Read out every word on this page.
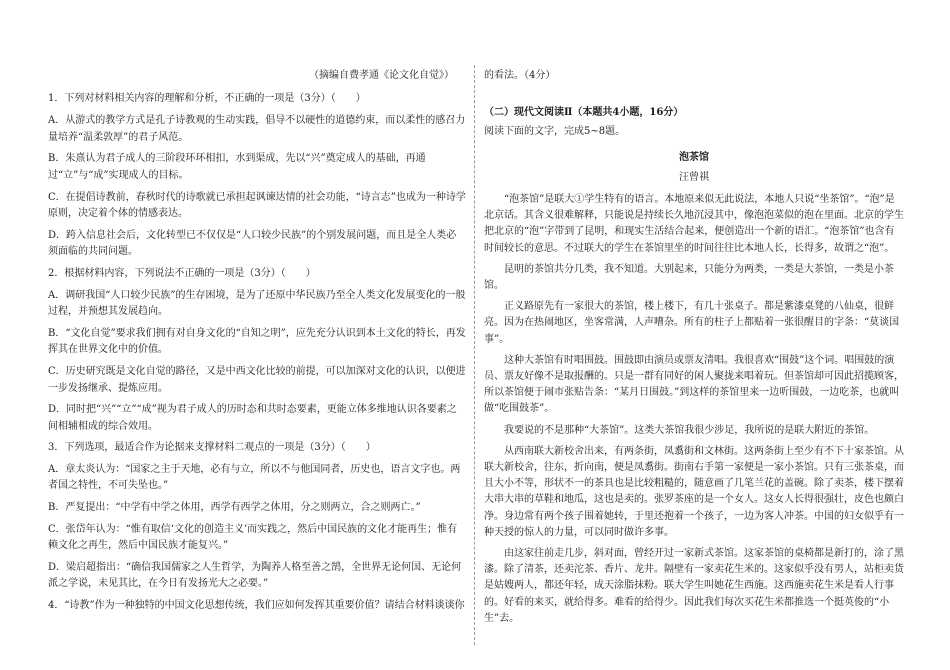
（摘编自费孝通《论文化自觉》）

1．下列对材料相关内容的理解和分析，不正确的一项是（3分）（　　）

A．从游式的教学方式是孔子诗教观的生动实践，倡导不以硬性的道德约束，而以柔性的感召力量培养“温柔敦厚”的君子风范。

B．朱熹认为君子成人的三阶段环环相扣，水到渠成，先以“兴”奠定成人的基础，再通过“立”与“成”实现成人的目标。

C．在提倡诗教前，春秋时代的诗歌就已承担起讽谏达情的社会功能，“诗言志”也成为一种诗学原则，决定着个体的情感表达。

D．跨入信息社会后，文化转型已不仅仅是“人口较少民族”的个别发展问题，而且是全人类必须面临的共同问题。

2．根据材料内容，下列说法不正确的一项是（3分）（　　）

A．调研我国“人口较少民族”的生存困境，是为了还原中华民族乃至全人类文化发展变化的一般过程，并预想其发展趋向。

B．“文化自觉”要求我们拥有对自身文化的“自知之明”，应先充分认识到本土文化的特长，再发挥其在世界文化中的价值。

C．历史研究既是文化自觉的路径，又是中西文化比较的前提，可以加深对文化的认识，以便进一步发扬继承、提炼应用。

D．同时把“兴”“立”“成”视为君子成人的历时态和共时态要素，更能立体多维地认识各要素之间相辅相成的综合效用。

3．下列选项，最适合作为论据来支撑材料二观点的一项是（3分）（　　）

A．章太炎认为：“国家之主于天地，必有与立，所以不与他国同者，历史也，语言文字也。两者国之特性，不可失坠也。”

B．严复提出：“中学有中学之体用，西学有西学之体用，分之则两立，合之则两亡。”

C．张岱年认为：“惟有取信‘文化的创造主义’而实践之，然后中国民族的文化才能再生；惟有赖文化之再生，然后中国民族才能复兴。”

D．梁启超指出：“确信我国儒家之人生哲学，为陶养人格至善之鹄，全世界无论何国、无论何派之学说，未见其比，在今日有发扬光大之必要。”

4．“诗教”作为一种独特的中国文化思想传统，我们应如何发挥其重要价值？请结合材料谈谈你

的看法。（4分）

（二）现代文阅读Ⅱ（本题共4小题，16分）

阅读下面的文字，完成5~8题。

泡茶馆

汪曾祺

“泡茶馆”是联大①学生特有的语言。本地原来似无此说法，本地人只说“坐茶馆”。“泡”是北京话。其含义很难解释，只能说是持续长久地沉浸其中，像泡泡菜似的泡在里面。北京的学生把北京的“泡”字带到了昆明，和现实生活结合起来，便创造出一个新的语汇。“泡茶馆”也含有时间较长的意思。不过联大的学生在茶馆里坐的时间往往比本地人长，长得多，故谓之“泡”。

昆明的茶馆共分几类，我不知道。大别起来，只能分为两类，一类是大茶馆，一类是小茶馆。

正义路原先有一家很大的茶馆，楼上楼下，有几十张桌子。都是紫漆桌凳的八仙桌，很鲜亮。因为在热闹地区，坐客常满，人声嘈杂。所有的柱子上都贴着一张很醒目的字条：“莫谈国事”。

这种大茶馆有时唱围鼓。围鼓即由演员或票友清唱。我很喜欢“围鼓”这个词。唱围鼓的演员、票友好像不是取报酬的。只是一群有同好的闲人聚拢来唱着玩。但茶馆却可因此招揽顾客，所以茶馆便于闹市张贴告条：“某月日围鼓。”到这样的茶馆里来一边听围鼓，一边吃茶，也就叫做“吃围鼓茶”。

我要说的不是那种“大茶馆”。这类大茶馆我很少涉足，我所说的是联大附近的茶馆。

从西南联大新校舍出来，有两条街，凤翥街和文林街。这两条街上至少有不下十家茶馆。从联大新校舍，往东，折向南，便是凤翥街。街南右手第一家便是一家小茶馆。只有三张茶桌，而且大小不等，形状不一的茶具也是比较粗糙的，随意画了几笔兰花的盖碗。除了卖茶，楼下摆着大串大串的草鞋和地瓜，这也是卖的。张罗茶座的是一个女人。这女人长得很强壮，皮色也颇白净。身边常有两个孩子围着她转，于里还抱着一个孩子，一边为客人冲茶。中国的妇女似乎有一种天授的惊人的力量，可以同时做许多事。

由这家往前走几步，斜对面，曾经开过一家新式茶馆。这家茶馆的桌椅都是新打的，涂了黑漆。除了清茶，还卖沱茶、香片、龙井。隔壁有一家卖花生米的。这家似乎没有男人，站柜卖货是姑嫂两人，都还年轻，成天涂脂抹粉。联大学生叫她花生西施。这西施卖花生米是看人行事的。好看的来买，就给得多。难看的给得少。因此我们每次买花生米都推选一个挺英俊的“小生”去。
